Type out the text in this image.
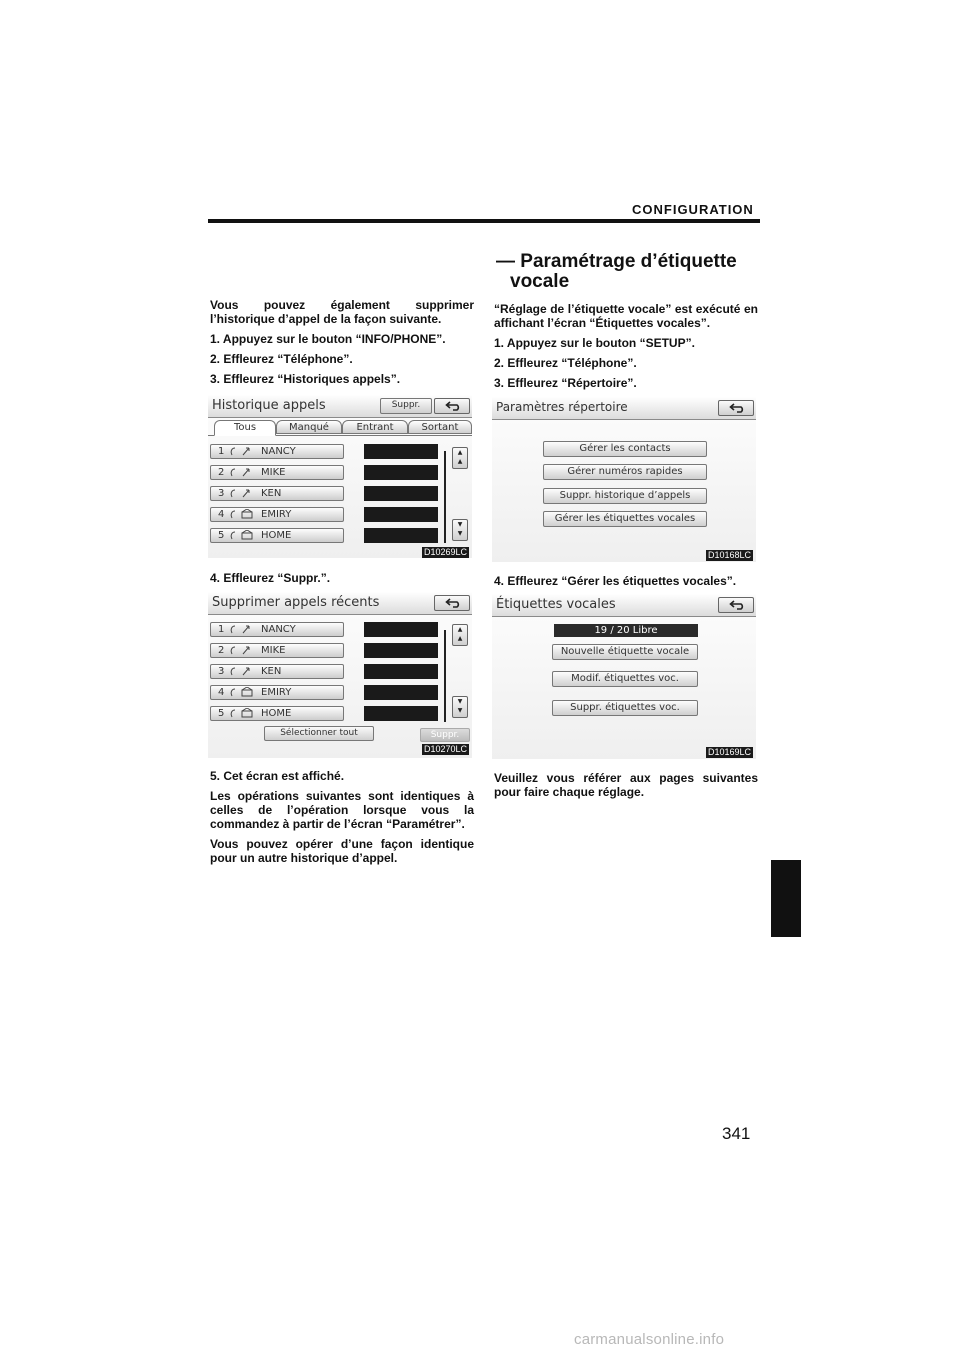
CONFIGURATION

Vous pouvez également supprimer l’historique d’appel de la façon suivante.

1. Appuyez sur le bouton “INFO/PHONE”.

2. Effleurez “Téléphone”.

3. Effleurez “Historiques appels”.

Historique appels	Suppr.
Tous	Manqué	Entrant	Sortant
1	NANCY
2	MIKE
3	KEN
4	EMIRY
5	HOME
▲
▲
▼
▼
D10269LC

4. Effleurez “Suppr.”.

Supprimer appels récents
1	NANCY
2	MIKE
3	KEN
4	EMIRY
5	HOME
▲
▲
▼
▼
Sélectionner tout	Suppr.
D10270LC

5. Cet écran est affiché.

Les opérations suivantes sont identiques à celles de l’opération lorsque vous la commandez à partir de l’écran “Paramétrer”.

Vous pouvez opérer d’une façon identique pour un autre historique d’appel.

— Paramétrage d’étiquette
vocale

“Réglage de l’étiquette vocale” est exécuté en affichant l’écran “Étiquettes vocales”.

1. Appuyez sur le bouton “SETUP”.

2. Effleurez “Téléphone”.

3. Effleurez “Répertoire”.

Paramètres répertoire
Gérer les contacts
Gérer numéros rapides
Suppr. historique d’appels
Gérer les étiquettes vocales
D10168LC

4. Effleurez “Gérer les étiquettes vocales”.

Étiquettes vocales
19 / 20 Libre
Nouvelle étiquette vocale
Modif. étiquettes voc.
Suppr. étiquettes voc.
D10169LC

Veuillez vous référer aux pages suivantes pour faire chaque réglage.

341
carmanualsonline.info
